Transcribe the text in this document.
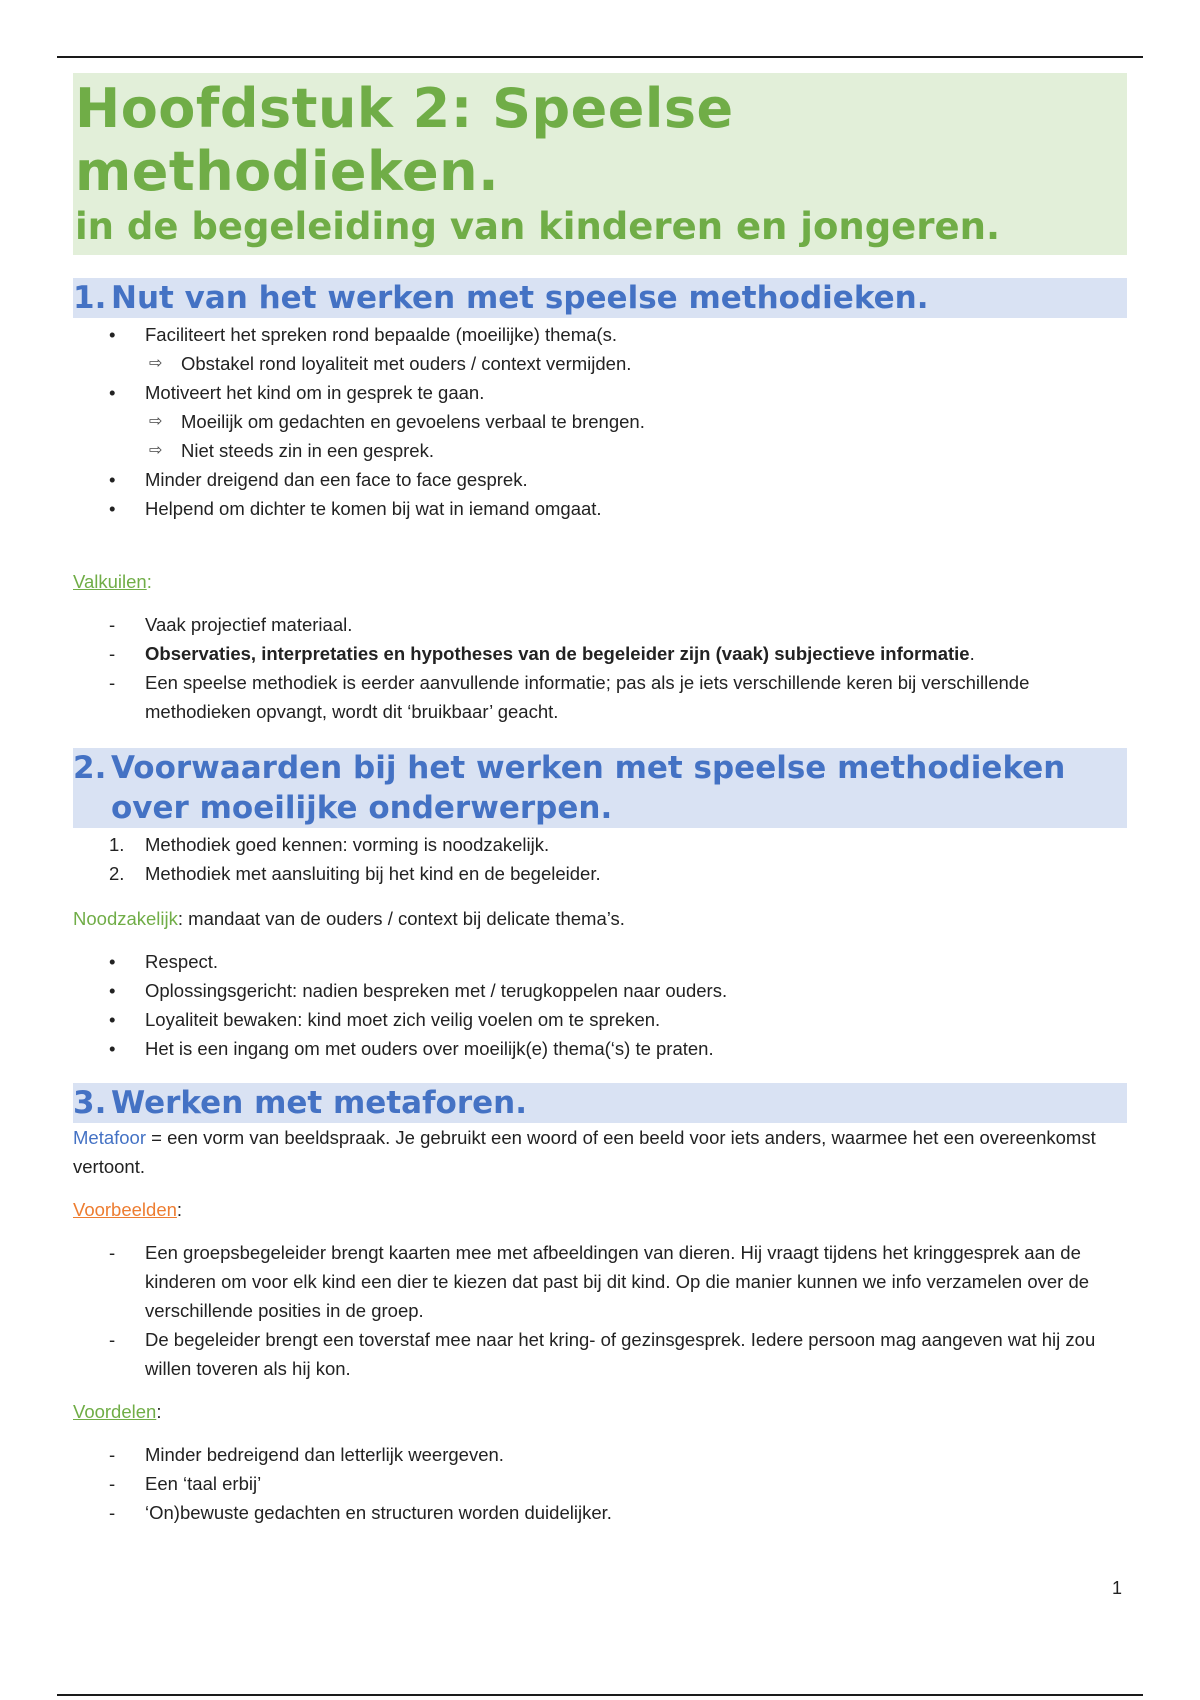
Hoofdstuk 2: Speelse
methodieken.
in de begeleiding van kinderen en jongeren.
1. Nut van het werken met speelse methodieken.
• Faciliteert het spreken rond bepaalde (moeilijke) thema(s.
⇨ Obstakel rond loyaliteit met ouders / context vermijden.
• Motiveert het kind om in gesprek te gaan.
⇨ Moeilijk om gedachten en gevoelens verbaal te brengen.
⇨ Niet steeds zin in een gesprek.
• Minder dreigend dan een face to face gesprek.
• Helpend om dichter te komen bij wat in iemand omgaat.
Valkuilen:
- Vaak projectief materiaal.
- Observaties, interpretaties en hypotheses van de begeleider zijn (vaak) subjectieve informatie.
- Een speelse methodiek is eerder aanvullende informatie; pas als je iets verschillende keren bij verschillende methodieken opvangt, wordt dit ‘bruikbaar’ geacht.
2. Voorwaarden bij het werken met speelse methodieken
over moeilijke onderwerpen.
1. Methodiek goed kennen: vorming is noodzakelijk.
2. Methodiek met aansluiting bij het kind en de begeleider.
Noodzakelijk: mandaat van de ouders / context bij delicate thema’s.
• Respect.
• Oplossingsgericht: nadien bespreken met / terugkoppelen naar ouders.
• Loyaliteit bewaken: kind moet zich veilig voelen om te spreken.
• Het is een ingang om met ouders over moeilijk(e) thema(‘s) te praten.
3. Werken met metaforen.
Metafoor = een vorm van beeldspraak. Je gebruikt een woord of een beeld voor iets anders, waarmee het een overeenkomst vertoont.
Voorbeelden:
- Een groepsbegeleider brengt kaarten mee met afbeeldingen van dieren. Hij vraagt tijdens het kringgesprek aan de kinderen om voor elk kind een dier te kiezen dat past bij dit kind. Op die manier kunnen we info verzamelen over de verschillende posities in de groep.
- De begeleider brengt een toverstaf mee naar het kring- of gezinsgesprek. Iedere persoon mag aangeven wat hij zou willen toveren als hij kon.
Voordelen:
- Minder bedreigend dan letterlijk weergeven.
- Een ‘taal erbij’
- ‘On)bewuste gedachten en structuren worden duidelijker.
1
